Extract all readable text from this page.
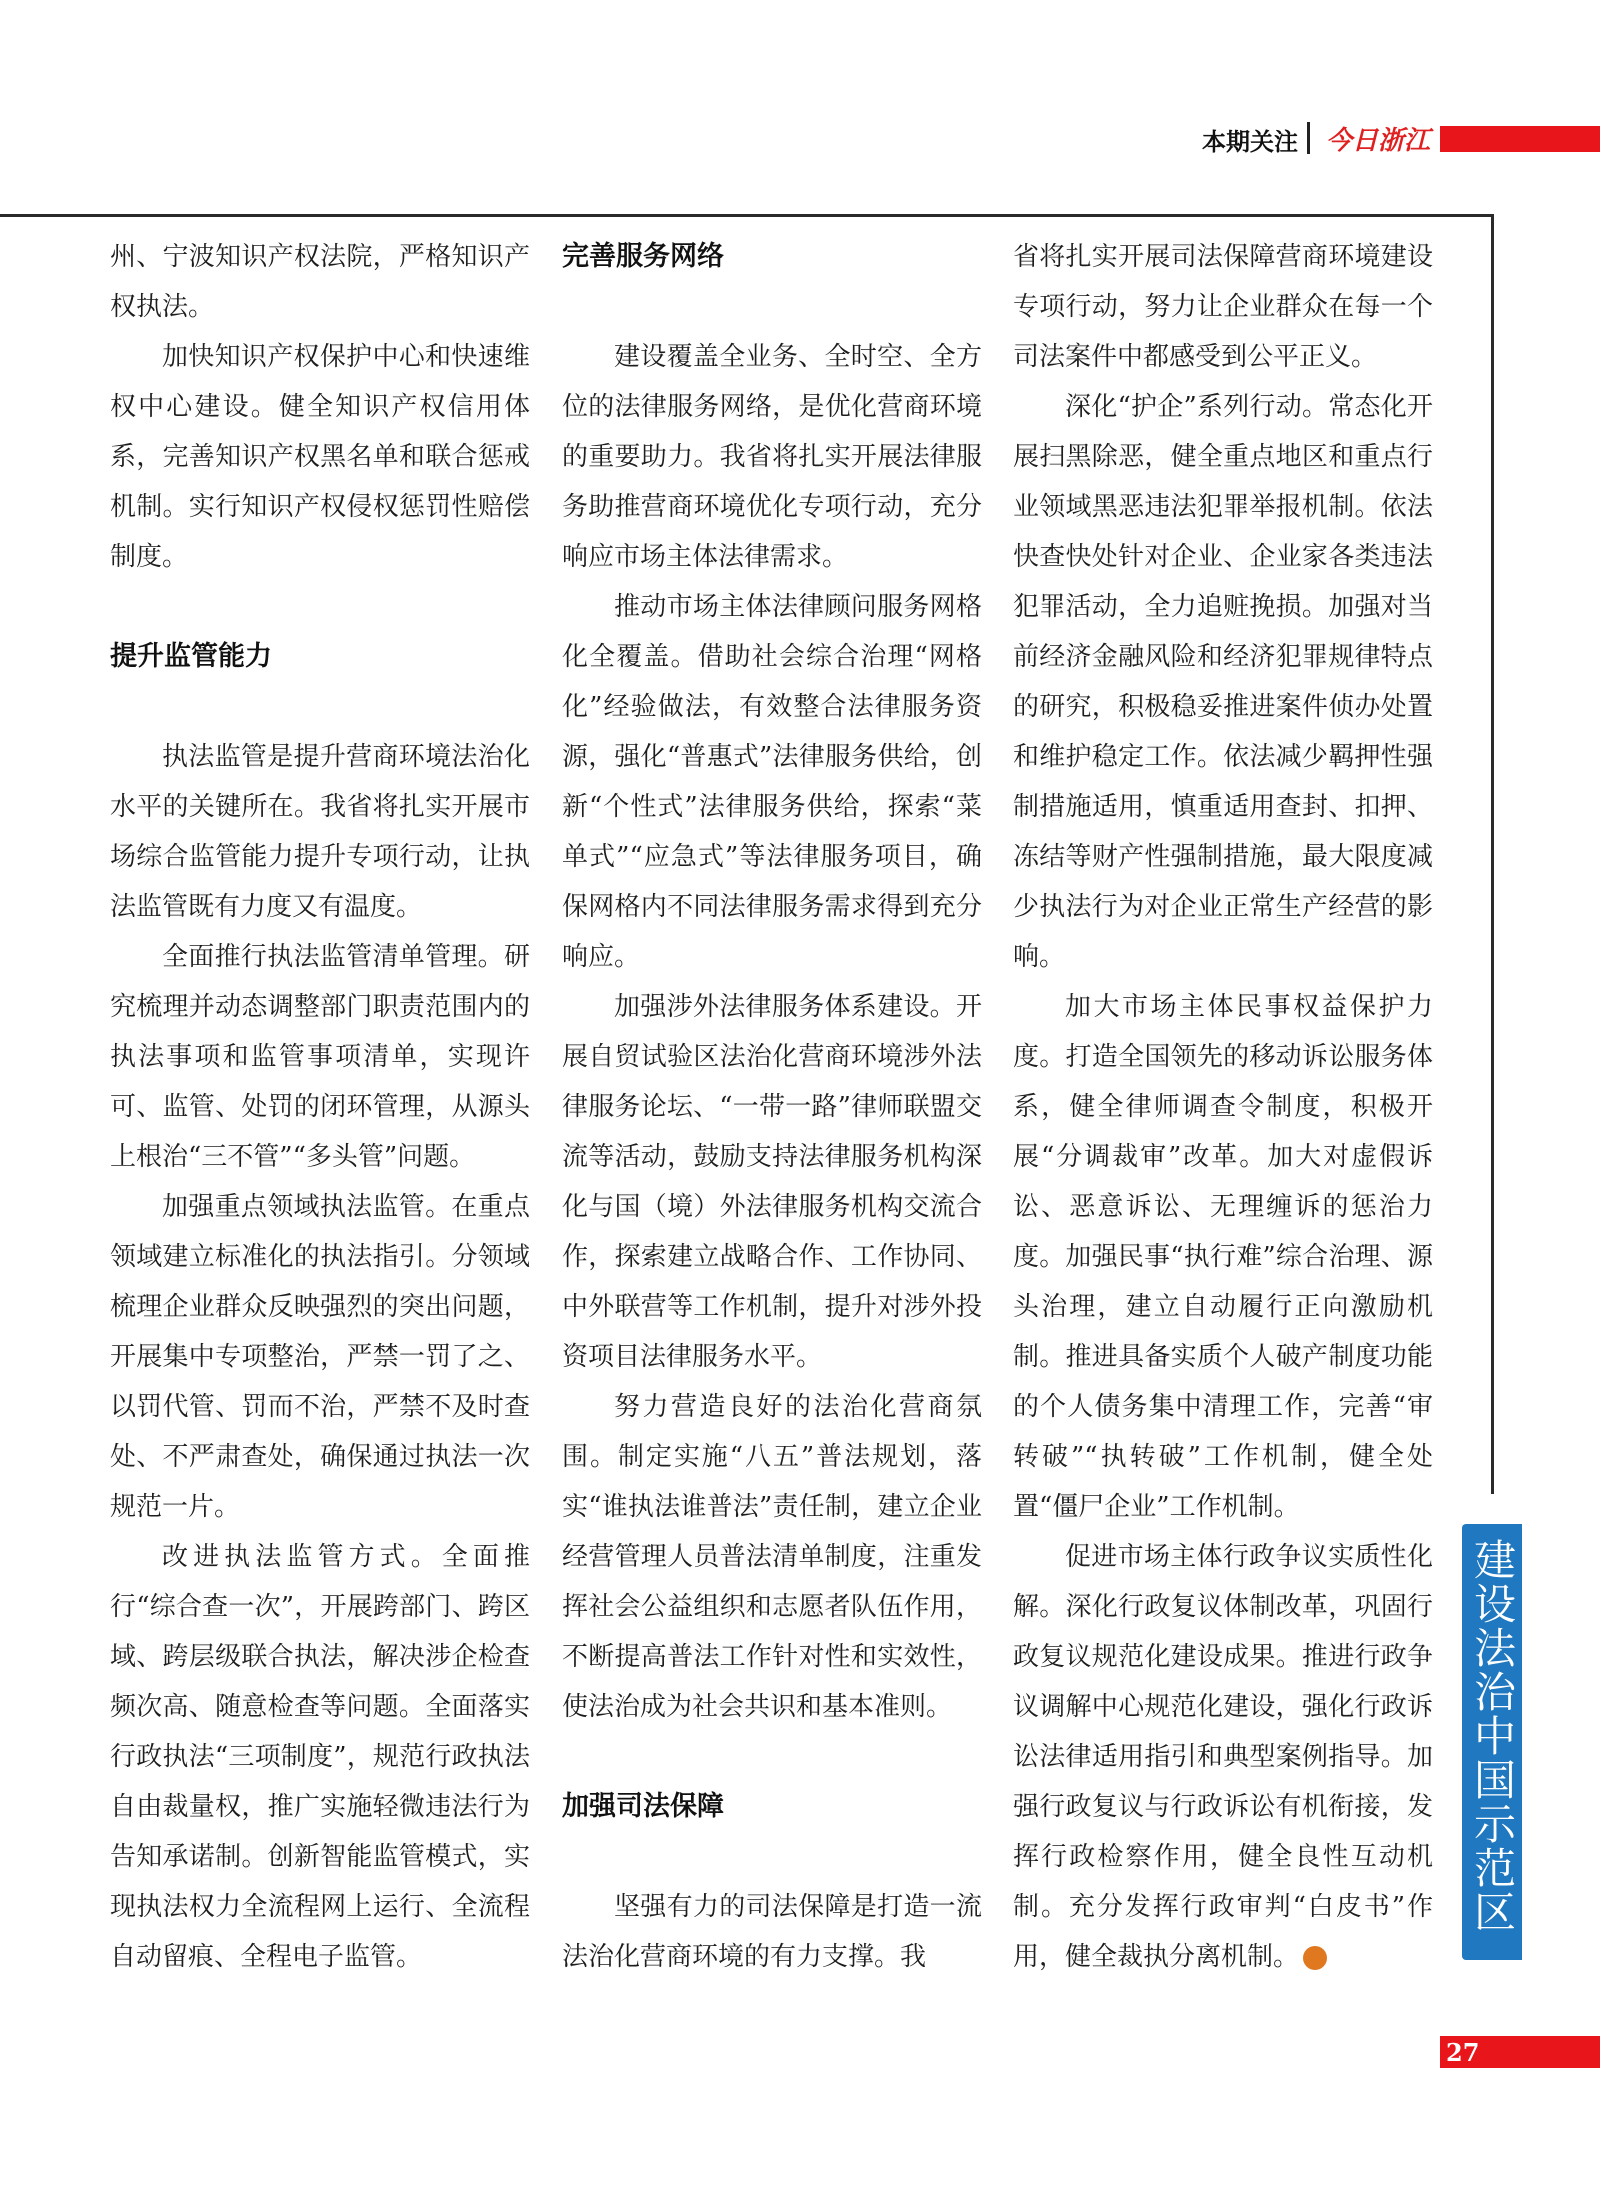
本期关注 今日浙江

州、宁波知识产权法院，严格知识产权执法。

加快知识产权保护中心和快速维权中心建设。健全知识产权信用体系，完善知识产权黑名单和联合惩戒机制。实行知识产权侵权惩罚性赔偿制度。

提升监管能力

执法监管是提升营商环境法治化水平的关键所在。我省将扎实开展市场综合监管能力提升专项行动，让执法监管既有力度又有温度。

全面推行执法监管清单管理。研究梳理并动态调整部门职责范围内的执法事项和监管事项清单，实现许可、监管、处罚的闭环管理，从源头上根治“三不管”“多头管”问题。

加强重点领域执法监管。在重点领域建立标准化的执法指引。分领域梳理企业群众反映强烈的突出问题，开展集中专项整治，严禁一罚了之、以罚代管、罚而不治，严禁不及时查处、不严肃查处，确保通过执法一次规范一片。

改进执法监管方式。全面推行“综合查一次”，开展跨部门、跨区域、跨层级联合执法，解决涉企检查频次高、随意检查等问题。全面落实行政执法“三项制度”，规范行政执法自由裁量权，推广实施轻微违法行为告知承诺制。创新智能监管模式，实现执法权力全流程网上运行、全流程自动留痕、全程电子监管。

完善服务网络

建设覆盖全业务、全时空、全方位的法律服务网络，是优化营商环境的重要助力。我省将扎实开展法律服务助推营商环境优化专项行动，充分响应市场主体法律需求。

推动市场主体法律顾问服务网格化全覆盖。借助社会综合治理“网格化”经验做法，有效整合法律服务资源，强化“普惠式”法律服务供给，创新“个性式”法律服务供给，探索“菜单式”“应急式”等法律服务项目，确保网格内不同法律服务需求得到充分响应。

加强涉外法律服务体系建设。开展自贸试验区法治化营商环境涉外法律服务论坛、“一带一路”律师联盟交流等活动，鼓励支持法律服务机构深化与国（境）外法律服务机构交流合作，探索建立战略合作、工作协同、中外联营等工作机制，提升对涉外投资项目法律服务水平。

努力营造良好的法治化营商氛围。制定实施“八五”普法规划，落实“谁执法谁普法”责任制，建立企业经营管理人员普法清单制度，注重发挥社会公益组织和志愿者队伍作用，不断提高普法工作针对性和实效性，使法治成为社会共识和基本准则。

加强司法保障

坚强有力的司法保障是打造一流法治化营商环境的有力支撑。我

省将扎实开展司法保障营商环境建设专项行动，努力让企业群众在每一个司法案件中都感受到公平正义。

深化“护企”系列行动。常态化开展扫黑除恶，健全重点地区和重点行业领域黑恶违法犯罪举报机制。依法快查快处针对企业、企业家各类违法犯罪活动，全力追赃挽损。加强对当前经济金融风险和经济犯罪规律特点的研究，积极稳妥推进案件侦办处置和维护稳定工作。依法减少羁押性强制措施适用，慎重适用查封、扣押、冻结等财产性强制措施，最大限度减少执法行为对企业正常生产经营的影响。

加大市场主体民事权益保护力度。打造全国领先的移动诉讼服务体系，健全律师调查令制度，积极开展“分调裁审”改革。加大对虚假诉讼、恶意诉讼、无理缠诉的惩治力度。加强民事“执行难”综合治理、源头治理，建立自动履行正向激励机制。推进具备实质个人破产制度功能的个人债务集中清理工作，完善“审转破”“执转破”工作机制，健全处置“僵尸企业”工作机制。

促进市场主体行政争议实质性化解。深化行政复议体制改革，巩固行政复议规范化建设成果。推进行政争议调解中心规范化建设，强化行政诉讼法律适用指引和典型案例指导。加强行政复议与行政诉讼有机衔接，发挥行政检察作用，健全良性互动机制。充分发挥行政审判“白皮书”作用，健全裁执分离机制。

建设法治中国示范区
27
